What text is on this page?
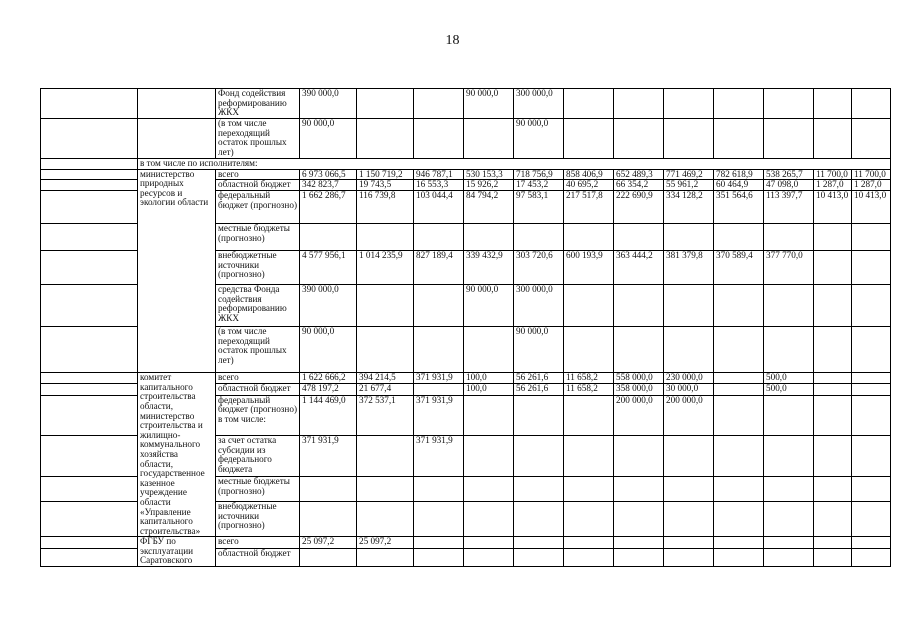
18
		Фонд содействия реформированию ЖКХ	390 000,0			90 000,0	300 000,0							
		(в том числе переходящий остаток прошлых лет)	90 000,0				90 000,0							
	в том числе по исполнителям:													
	министерство природных ресурсов и экологии области	всего	6 973 066,5	1 150 719,2	946 787,1	530 153,3	718 756,9	858 406,9	652 489,3	771 469,2	782 618,9	538 265,7	11 700,0	11 700,0
		областной бюджет	342 823,7	19 743,5	16 553,3	15 926,2	17 453,2	40 695,2	66 354,2	55 961,2	60 464,9	47 098,0	1 287,0	1 287,0
		федеральный бюджет (прогнозно)	1 662 286,7	116 739,8	103 044,4	84 794,2	97 583,1	217 517,8	222 690,9	334 128,2	351 564,6	113 397,7	10 413,0	10 413,0
		местные бюджеты (прогнозно)												
		внебюджетные источники (прогнозно)	4 577 956,1	1 014 235,9	827 189,4	339 432,9	303 720,6	600 193,9	363 444,2	381 379,8	370 589,4	377 770,0		
		средства Фонда содействия реформированию ЖКХ	390 000,0			90 000,0	300 000,0							
		(в том числе переходящий остаток прошлых лет)	90 000,0				90 000,0							
	комитет капитального строительства области, министерство строительства и жилищно-коммунального хозяйства области, государственное казенное учреждение области «Управление капитального строительства»	всего	1 622 666,2	394 214,5	371 931,9	100,0	56 261,6	11 658,2	558 000,0	230 000,0		500,0		
		областной бюджет	478 197,2	21 677,4		100,0	56 261,6	11 658,2	358 000,0	30 000,0		500,0		
		федеральный бюджет (прогнозно) в том числе:	1 144 469,0	372 537,1	371 931,9				200 000,0	200 000,0				
		за счет остатка субсидии из федерального бюджета	371 931,9		371 931,9									
		местные бюджеты (прогнозно)												
		внебюджетные источники (прогнозно)												
	ФГБУ по эксплуатации Саратовского	всего	25 097,2	25 097,2										
		областной бюджет												
